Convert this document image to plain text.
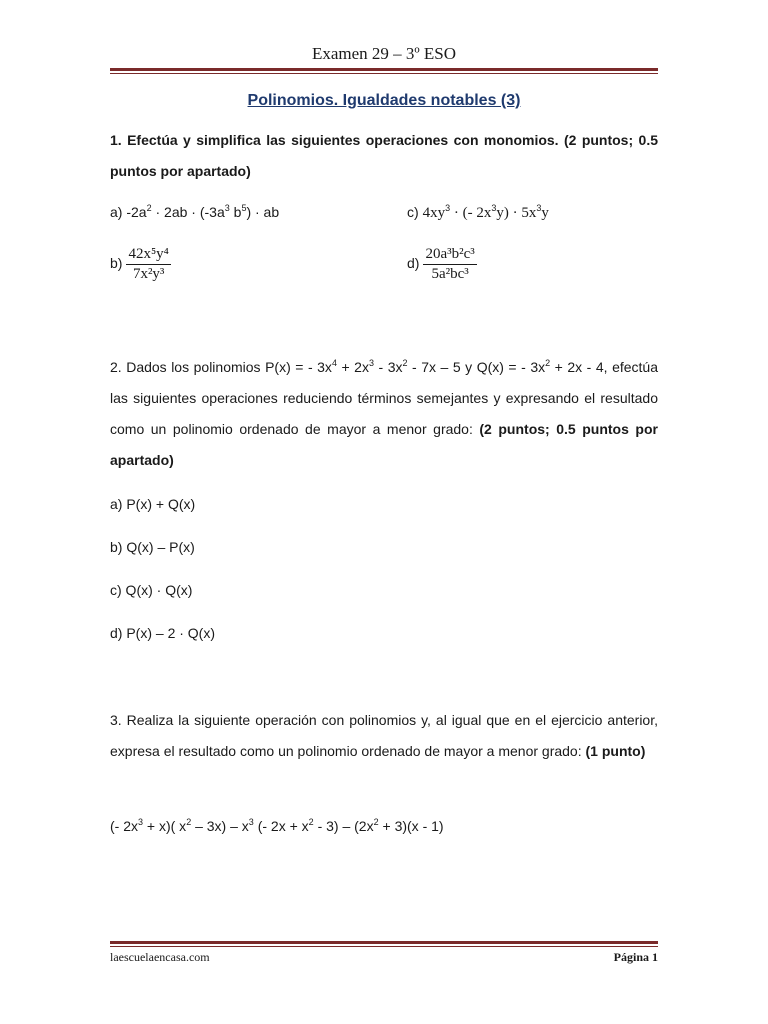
Examen 29 – 3º ESO
Polinomios. Igualdades notables (3)
1. Efectúa y simplifica las siguientes operaciones con monomios. (2 puntos; 0.5 puntos por apartado)
a) $-2a^2 \cdot 2ab \cdot (-3a^3$ $b^5$) · ab	c) $4xy^3$ · (- $2x^3y) \cdot 5x^3y$
$b) \frac{\text{42x⁵y⁴}}{\text{7x²y³}}$	$d) \frac{\text{20a³b²c³}}{\text{5a²bc³}}$
2. Dados los polinomios P(x) = - $3x^4 + 2x^3 - 3x^2 - 7x - 5$ y Q(x) = - $3x^2 + 2x - 4$, efectúa las siguientes operaciones reduciendo términos semejantes y expresando el resultado como un polinomio ordenado de mayor a menor grado: (2 puntos; 0.5 puntos por apartado)
a) P(x) + Q(x)
b) Q(x) – P(x)
c) Q(x) · Q(x)
d) P(x) – 2 · Q(x)
3. Realiza la siguiente operación con polinomios y, al igual que en el ejercicio anterior, expresa el resultado como un polinomio ordenado de mayor a menor grado: (1 punto)
(- $2x^3 + x$)( $x^2 - 3x) - x^3$ (- $2x + x^2 - 3) - (2x^2 + 3)(x - 1)$
laescuelaencasa.com	Página 1
